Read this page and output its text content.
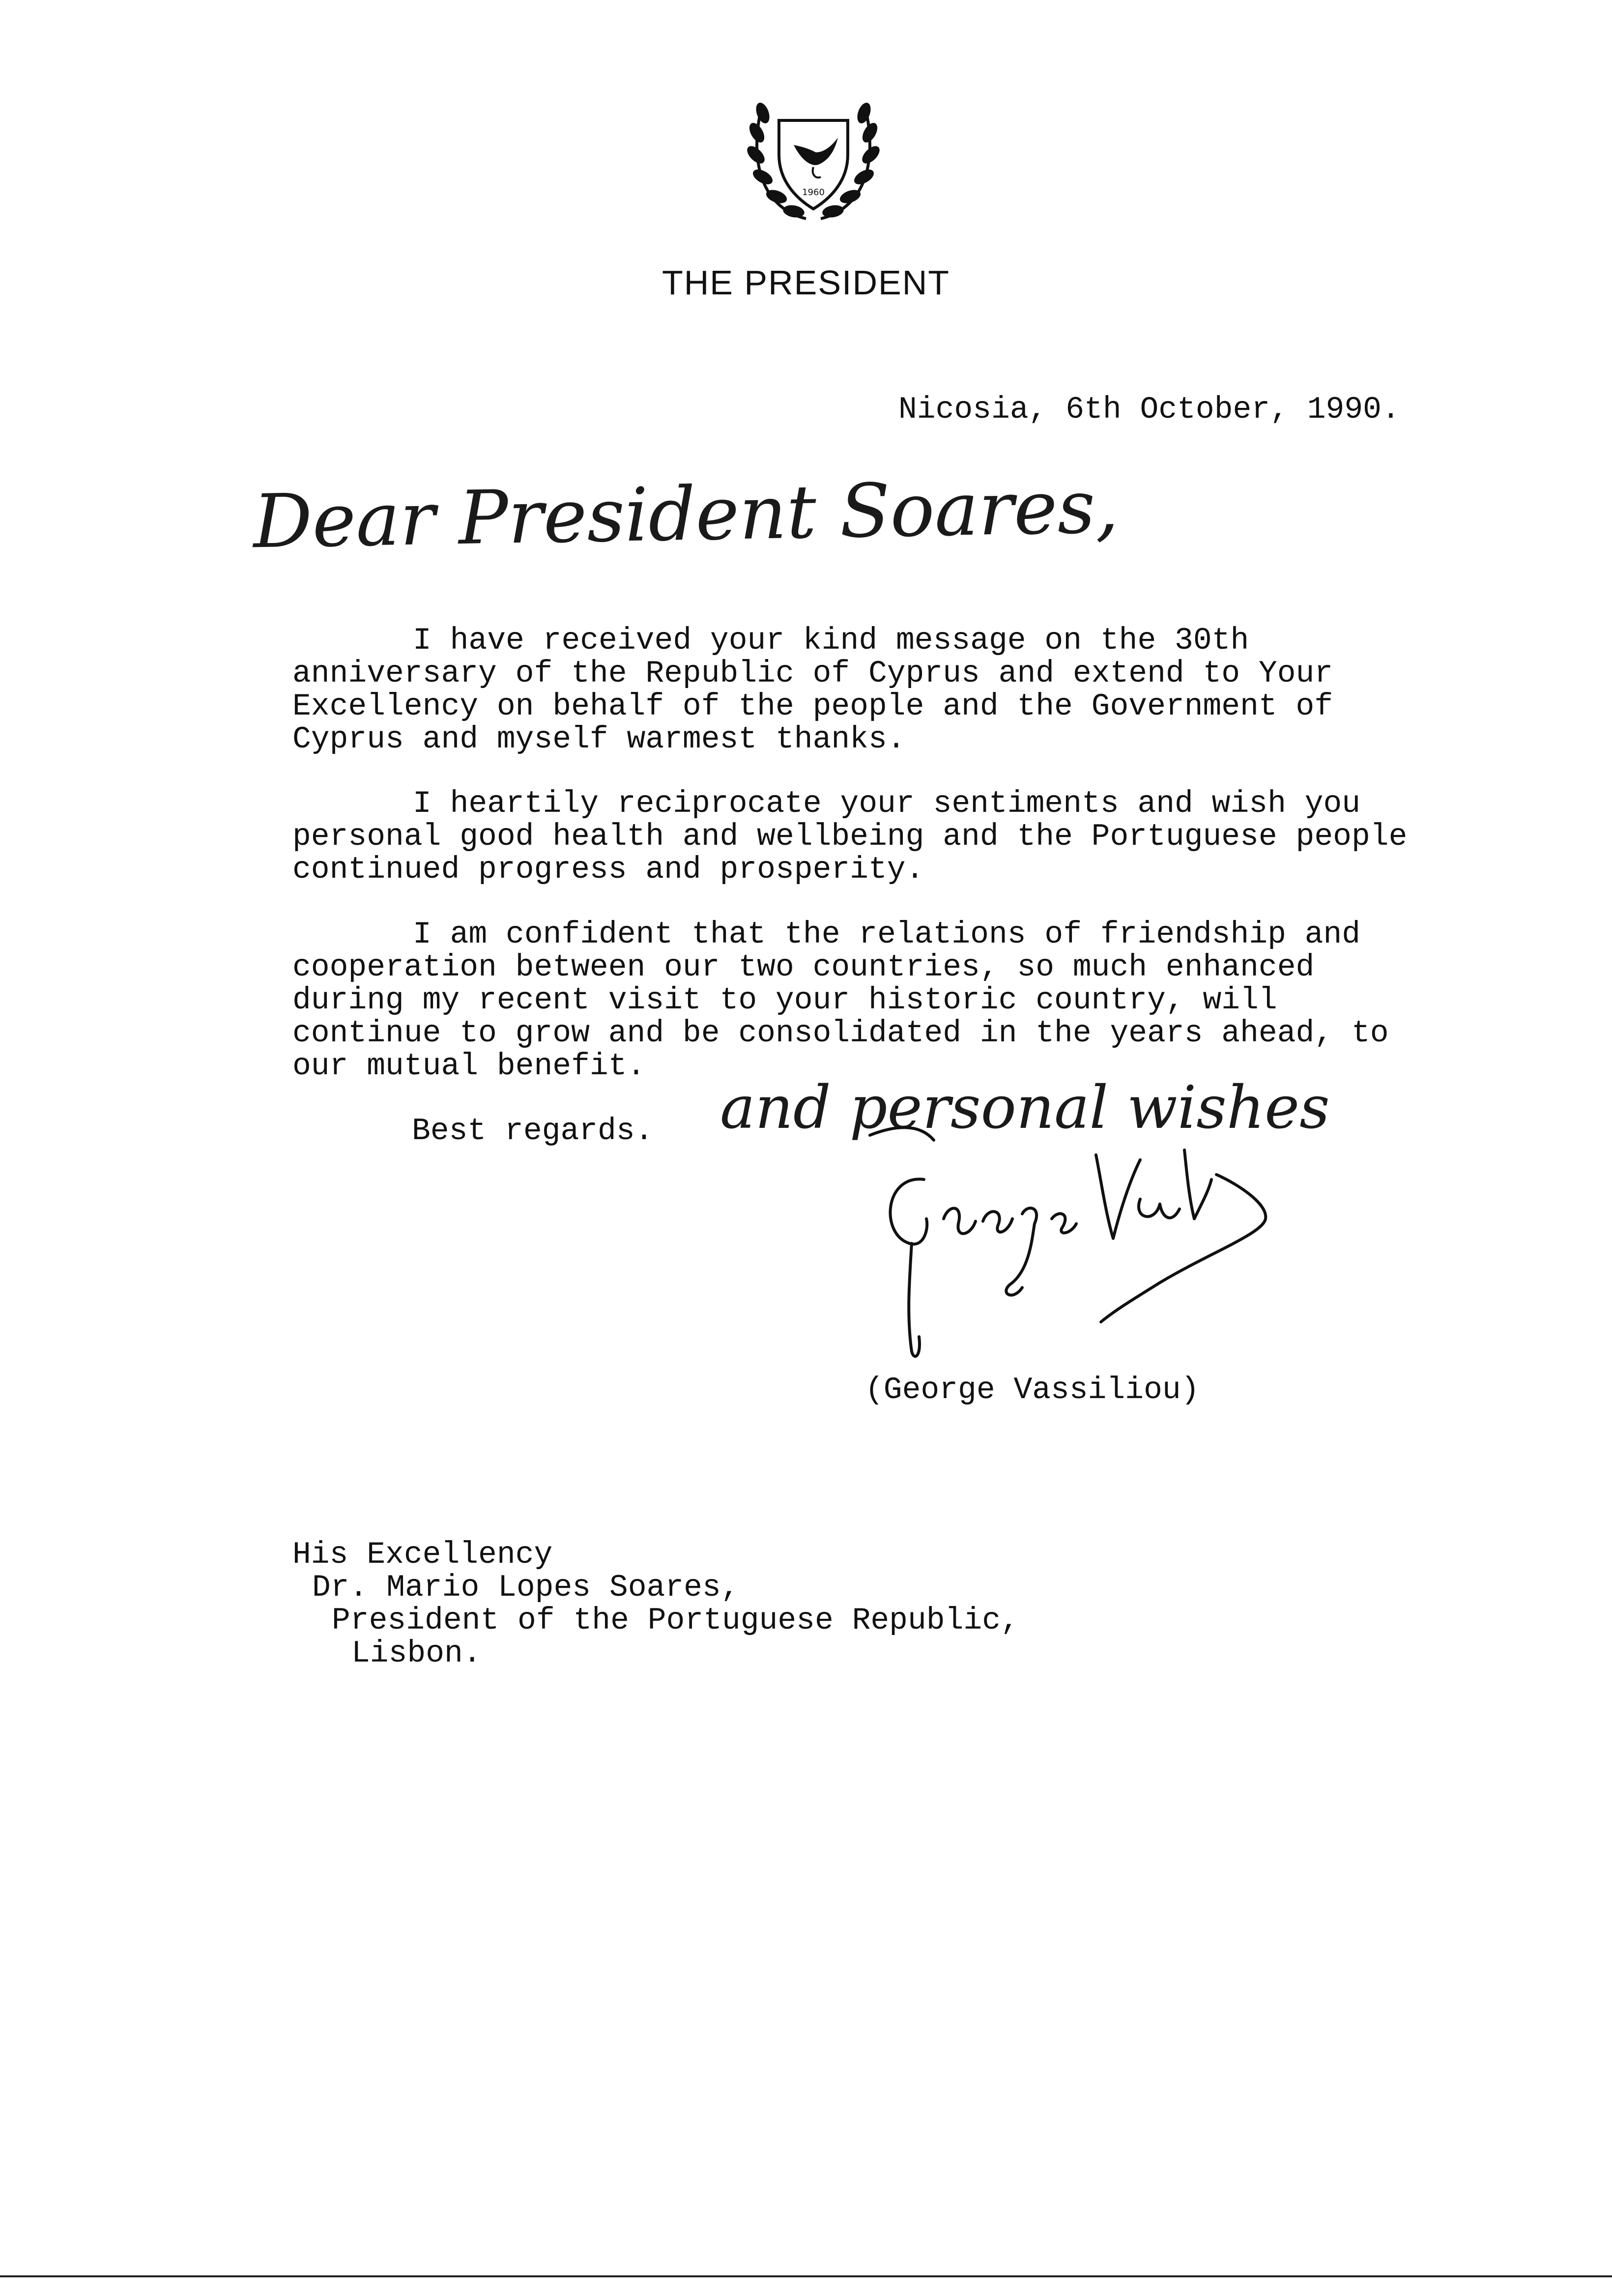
1960
THE PRESIDENT
Nicosia, 6th October, 1990.
Dear President Soares,
I have received your kind message on the 30th
anniversary of the Republic of Cyprus and extend to Your
Excellency on behalf of the people and the Government of
Cyprus and myself warmest thanks.
I heartily reciprocate your sentiments and wish you
personal good health and wellbeing and the Portuguese people
continued progress and prosperity.
I am confident that the relations of friendship and
cooperation between our two countries, so much enhanced
during my recent visit to your historic country, will
continue to grow and be consolidated in the years ahead, to
our mutual benefit.
Best regards. and personal wishes
(George Vassiliou)
His Excellency
Dr. Mario Lopes Soares,
President of the Portuguese Republic,
Lisbon.
